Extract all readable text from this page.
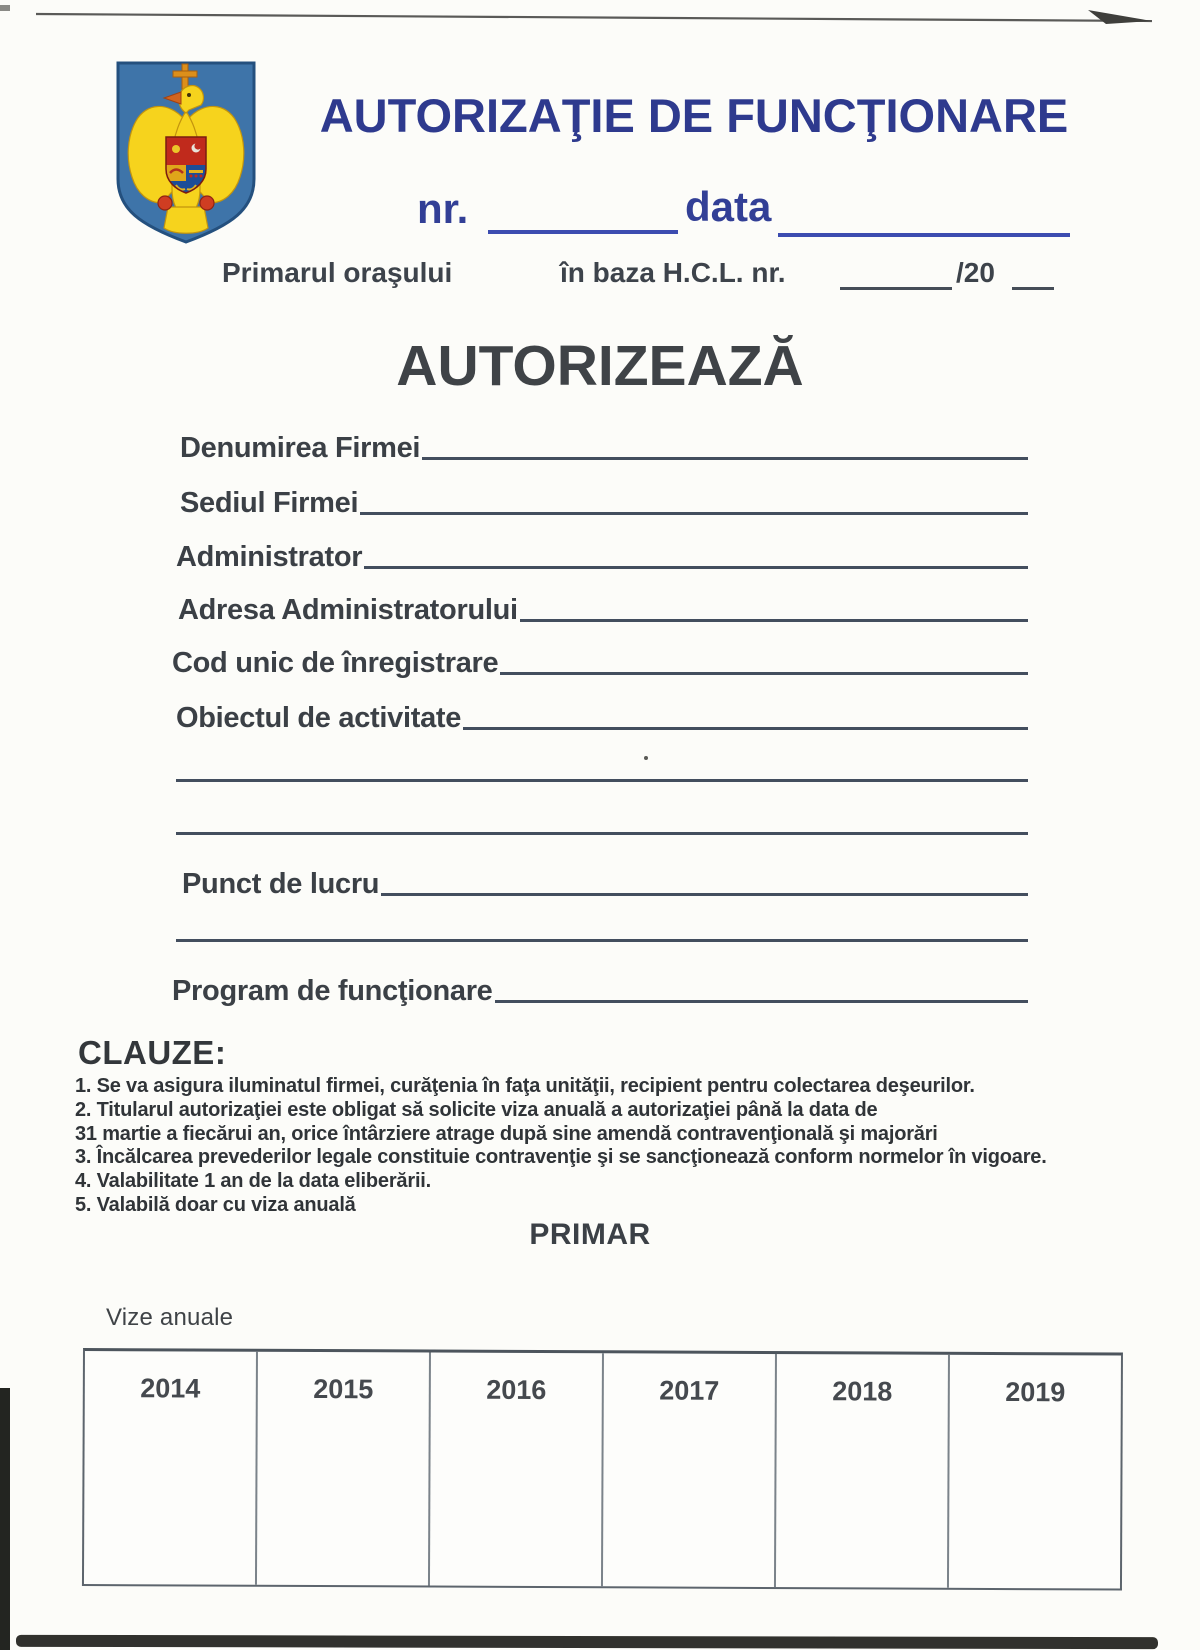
AUTORIZAŢIE DE FUNCŢIONARE
nr.	data
Primarul oraşului	în baza H.C.L. nr.	/20
AUTORIZEAZĂ
Denumirea Firmei
Sediul Firmei
Administrator
Adresa Administratorului
Cod unic de înregistrare
Obiectul de activitate
Punct de lucru
Program de funcţionare
CLAUZE:
1. Se va asigura iluminatul firmei, curăţenia în faţa unităţii, recipient pentru colectarea deşeurilor.
2. Titularul autorizaţiei este obligat să solicite viza anuală a autorizaţiei până la data de
31 martie a fiecărui an, orice întârziere atrage după sine amendă contravenţională şi majorări
3. Încălcarea prevederilor legale constituie contravenţie şi se sancţionează conform normelor în vigoare.
4. Valabilitate 1 an de la data eliberării.
5. Valabilă doar cu viza anuală
PRIMAR
Vize anuale
2014	2015	2016	2017	2018	2019
